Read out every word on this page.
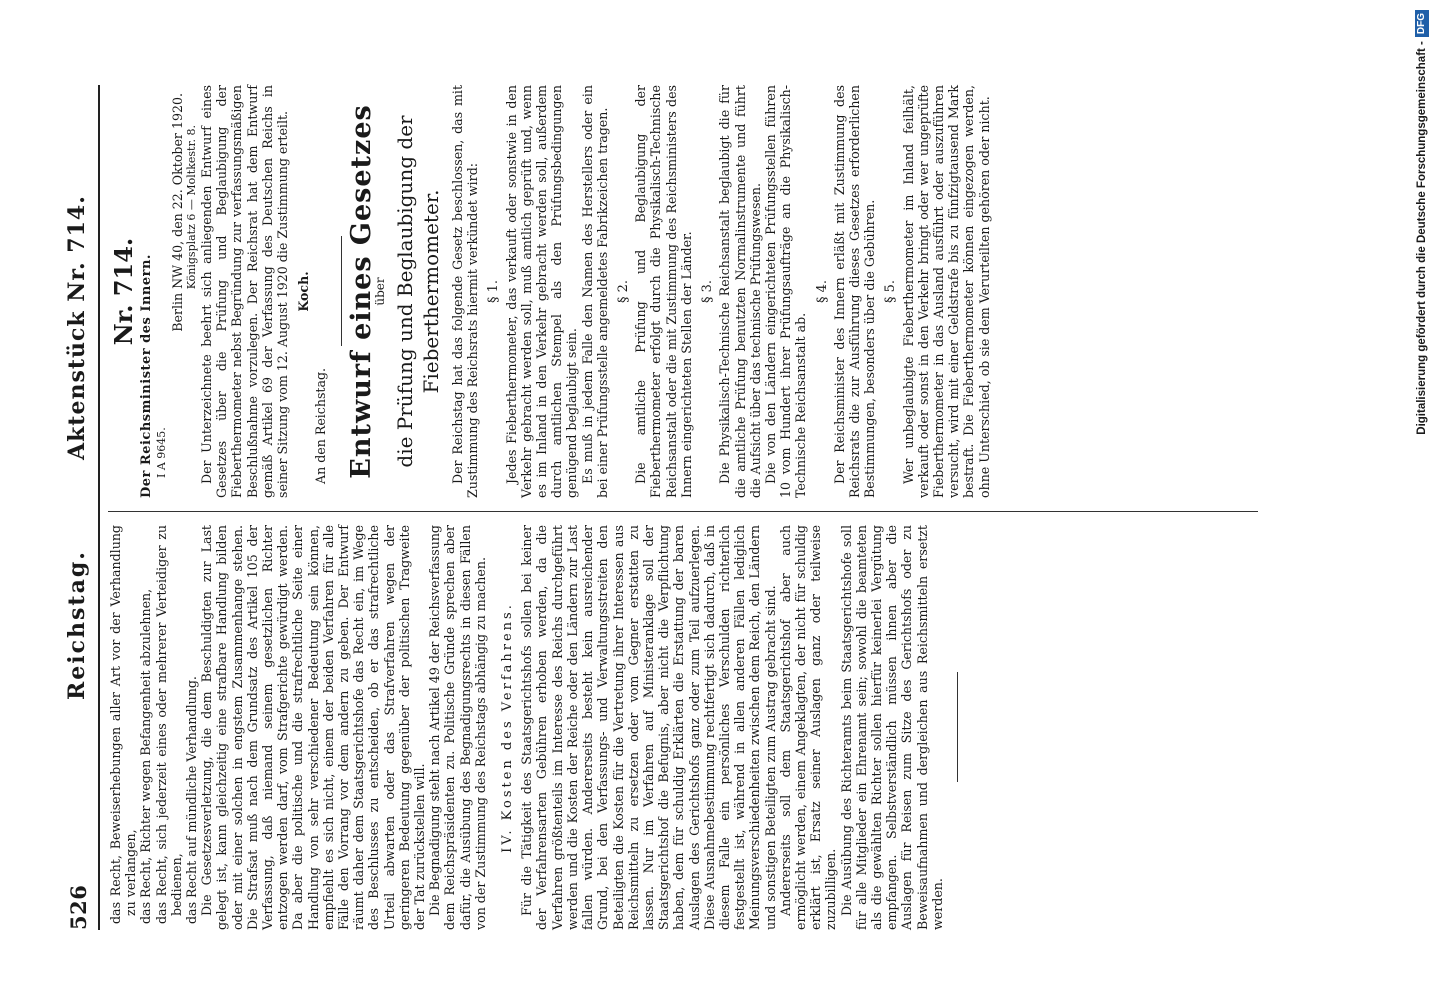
526
Reichstag.
Aktenstück Nr. 714.

das Recht, Beweiserhebungen aller Art vor der Verhandlung zu verlangen, das Recht, Richter wegen Befangenheit abzulehnen, das Recht, sich jederzeit eines oder mehrerer Verteidiger zu bedienen, das Recht auf mündliche Verhandlung. Die Gesetzesverletzung, die dem Beschuldigten zur Last gelegt ist, kann gleichzeitig eine strafbare Handlung bilden oder mit einer solchen in engstem Zusammenhange stehen. Die Strafsat muß nach dem Grundsatz des Artikel 105 der Verfassung, daß niemand seinem gesetzlichen Richter entzogen werden darf, vom Strafgerichte gewürdigt werden. Da aber die politische und die strafrechtliche Seite einer Handlung von sehr verschiedener Bedeutung sein können, empfiehlt es sich nicht, einem der beiden Verfahren für alle Fälle den Vorrang vor dem andern zu geben. Der Entwurf räumt daher dem Staatsgerichtshofe das Recht ein, im Wege des Beschlusses zu entscheiden, ob er das strafrechtliche Urteil abwarten oder das Strafverfahren wegen der geringeren Bedeutung gegenüber der politischen Tragweite der Tat zurückstellen will. Die Begnadigung steht nach Artikel 49 der Reichsverfassung dem Reichspräsidenten zu. Politische Gründe sprechen aber dafür, die Ausübung des Begnadigungsrechts in diesen Fällen von der Zustimmung des Reichstags abhängig zu machen. IV. Kosten des Verfahrens. Für die Tätigkeit des Staatsgerichtshofs sollen bei keiner der Verfahrensarten Gebühren erhoben werden, da die Verfahren größtenteils im Interesse des Reichs durchgeführt werden und die Kosten der Reiche oder den Ländern zur Last fallen würden. Andererseits besteht kein ausreichender Grund, bei den Verfassungs- und Verwaltungsstreiten den Beteiligten die Kosten für die Vertretung ihrer Interessen aus Reichsmitteln zu ersetzen oder vom Gegner erstatten zu lassen. Nur im Verfahren auf Ministeranklage soll der Staatsgerichtshof die Befugnis, aber nicht die Verpflichtung haben, dem für schuldig Erklärten die Erstattung der baren Auslagen des Gerichtshofs ganz oder zum Teil aufzuerlegen. Diese Ausnahmebestimmung rechtfertigt sich dadurch, daß in diesem Falle ein persönliches Verschulden richterlich festgestellt ist, während in allen anderen Fällen lediglich Meinungsverschiedenheiten zwischen dem Reich, den Ländern und sonstigen Beteiligten zum Austrag gebracht sind. Andererseits soll dem Staatsgerichtshof aber auch ermöglicht werden, einem Angeklagten, der nicht für schuldig erklärt ist, Ersatz seiner Auslagen ganz oder teilweise zuzubilligen. Die Ausübung des Richteramts beim Staatsgerichtshofe soll für alle Mitglieder ein Ehrenamt sein; sowohl die beamteten als die gewählten Richter sollen hierfür keinerlei Vergütung empfangen. Selbstverständlich müssen ihnen aber die Auslagen für Reisen zum Sitze des Gerichtshofs oder zu Beweisaufnahmen und dergleichen aus Reichsmitteln ersetzt werden.

Nr. 714. Der Reichsminister des Innern. I A 9645.
Berlin NW 40, den 22. Oktober 1920. Königsplatz 6 — Moltkestr. 8. Der Unterzeichnete beehrt sich anliegenden Entwurf eines Gesetzes über die Prüfung und Beglaubigung der Fieberthermometer nebst Begründung zur verfassungsmäßigen Beschlußnahme vorzulegen. Der Reichsrat hat dem Entwurf gemäß Artikel 69 der Verfassung des Deutschen Reichs in seiner Sitzung vom 12. August 1920 die Zustimmung erteilt. Koch.

An den Reichstag. Entwurf eines Gesetzes
über die Prüfung und Beglaubigung der Fieberthermometer. Der Reichstag hat das folgende Gesetz beschlossen, das mit Zustimmung des Reichsrats hiermit verkündet wird: § 1. Jedes Fieberthermometer, das verkauft oder sonstwie in den Verkehr gebracht werden soll, muß amtlich geprüft und, wenn es im Inland in den Verkehr gebracht werden soll, außerdem durch amtlichen Stempel als den Prüfungsbedingungen genügend beglaubigt sein. Es muß in jedem Falle den Namen des Herstellers oder ein bei einer Prüfungsstelle angemeldetes Fabrikzeichen tragen. § 2. Die amtliche Prüfung und Beglaubigung der Fieberthermometer erfolgt durch die Physikalisch-Technische Reichsanstalt oder die mit Zustimmung des Reichsministers des Innern eingerichteten Stellen der Länder. § 3. Die Physikalisch-Technische Reichsanstalt beglaubigt die für die amtliche Prüfung benutzten Normalinstrumente und führt die Aufsicht über das technische Prüfungswesen. Die von den Ländern eingerichteten Prüfungsstellen führen 10 vom Hundert ihrer Prüfungsaufträge an die Physikalisch-Technische Reichsanstalt ab.

§ 4. Der Reichsminister des Innern erläßt mit Zustimmung des Reichsrats die zur Ausführung dieses Gesetzes erforderlichen Bestimmungen, besonders über die Gebühren. § 5. Wer unbeglaubigte Fieberthermometer im Inland feilhält, verkauft oder sonst in den Verkehr bringt oder wer ungeprüfte Fieberthermometer in das Ausland ausführt oder auszuführen versucht, wird mit einer Geldstrafe bis zu fünfzigtausend Mark bestraft. Die Fieberthermometer können eingezogen werden, ohne Unterschied, ob sie dem Verurteilten gehören oder nicht.	Digitalisierung gefördert durch die Deutsche Forschungsgemeinschaft -DFG
